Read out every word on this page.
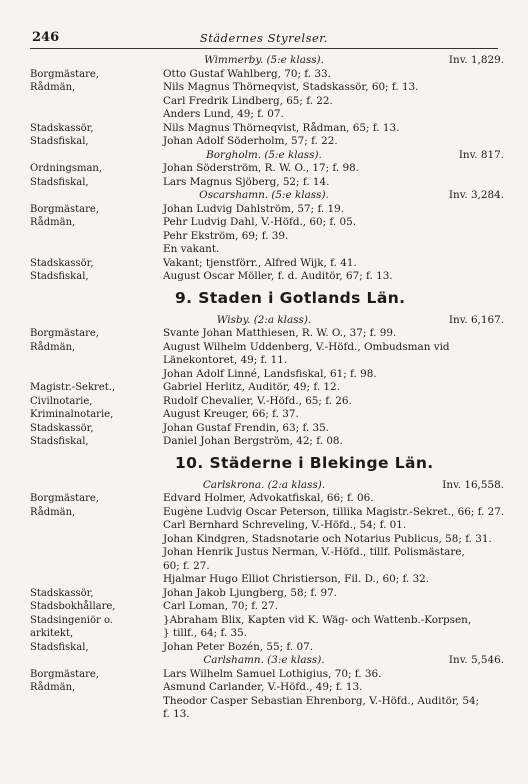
246	Städernes Styrelser.
Wimmerby. (5:e klass).	Inv. 1,829.
Borgmästare,	Otto Gustaf Wahlberg, 70; f. 33.
Rådmän,	Nils Magnus Thörneqvist, Stadskassör, 60; f. 13.
Carl Fredrik Lindberg, 65; f. 22.
Anders Lund, 49; f. 07.
Stadskassör,	Nils Magnus Thörneqvist, Rådman, 65; f. 13.
Stadsfiskal,	Johan Adolf Söderholm, 57; f. 22.
Borgholm. (5:e klass).	Inv. 817.
Ordningsman,	Johan Söderström, R. W. O., 17; f. 98.
Stadsfiskal,	Lars Magnus Sjöberg, 52; f. 14.
Oscarshamn. (5:e klass).	Inv. 3,284.
Borgmästare,	Johan Ludvig Dahlström, 57; f. 19.
Rådmän,	Pehr Ludvig Dahl, V.-Höfd., 60; f. 05.
Pehr Ekström, 69; f. 39.
En vakant.
Stadskassör,	Vakant; tjenstförr., Alfred Wijk, f. 41.
Stadsfiskal,	August Oscar Möller, f. d. Auditör, 67; f. 13.
9. Staden i Gotlands Län.
Wisby. (2:a klass).	Inv. 6,167.
Borgmästare,	Svante Johan Matthiesen, R. W. O., 37; f. 99.
Rådmän,	August Wilhelm Uddenberg, V.-Höfd., Ombudsman vid
Länekontoret, 49; f. 11.
Johan Adolf Linné, Landsfiskal, 61; f. 98.
Magistr.-Sekret.,	Gabriel Herlitz, Auditör, 49; f. 12.
Civilnotarie,	Rudolf Chevalier, V.-Höfd., 65; f. 26.
Kriminalnotarie,	August Kreuger, 66; f. 37.
Stadskassör,	Johan Gustaf Frendin, 63; f. 35.
Stadsfiskal,	Daniel Johan Bergström, 42; f. 08.
10. Städerne i Blekinge Län.
Carlskrona. (2:a klass).	Inv. 16,558.
Borgmästare,	Edvard Holmer, Advokatfiskal, 66; f. 06.
Rådmän,	Eugène Ludvig Oscar Peterson, tillika Magistr.-Sekret., 66; f. 27.
Carl Bernhard Schreveling, V.-Höfd., 54; f. 01.
Johan Kindgren, Stadsnotarie och Notarius Publicus, 58; f. 31.
Johan Henrik Justus Nerman, V.-Höfd., tillf. Polismästare,
60; f. 27.
Hjalmar Hugo Elliot Christierson, Fil. D., 60; f. 32.
Stadskassör,	Johan Jakob Ljungberg, 58; f. 97.
Stadsbokhållare,	Carl Loman, 70; f. 27.
Stadsingeniör o.	}Abraham Blix, Kapten vid K. Wäg- och Wattenb.-Korpsen,
arkitekt,	} tillf., 64; f. 35.
Stadsfiskal,	Johan Peter Bozén, 55; f. 07.
Carlshamn. (3:e klass).	Inv. 5,546.
Borgmästare,	Lars Wilhelm Samuel Lothigius, 70; f. 36.
Rådmän,	Asmund Carlander, V.-Höfd., 49; f. 13.
Theodor Casper Sebastian Ehrenborg, V.-Höfd., Auditör, 54;
f. 13.
